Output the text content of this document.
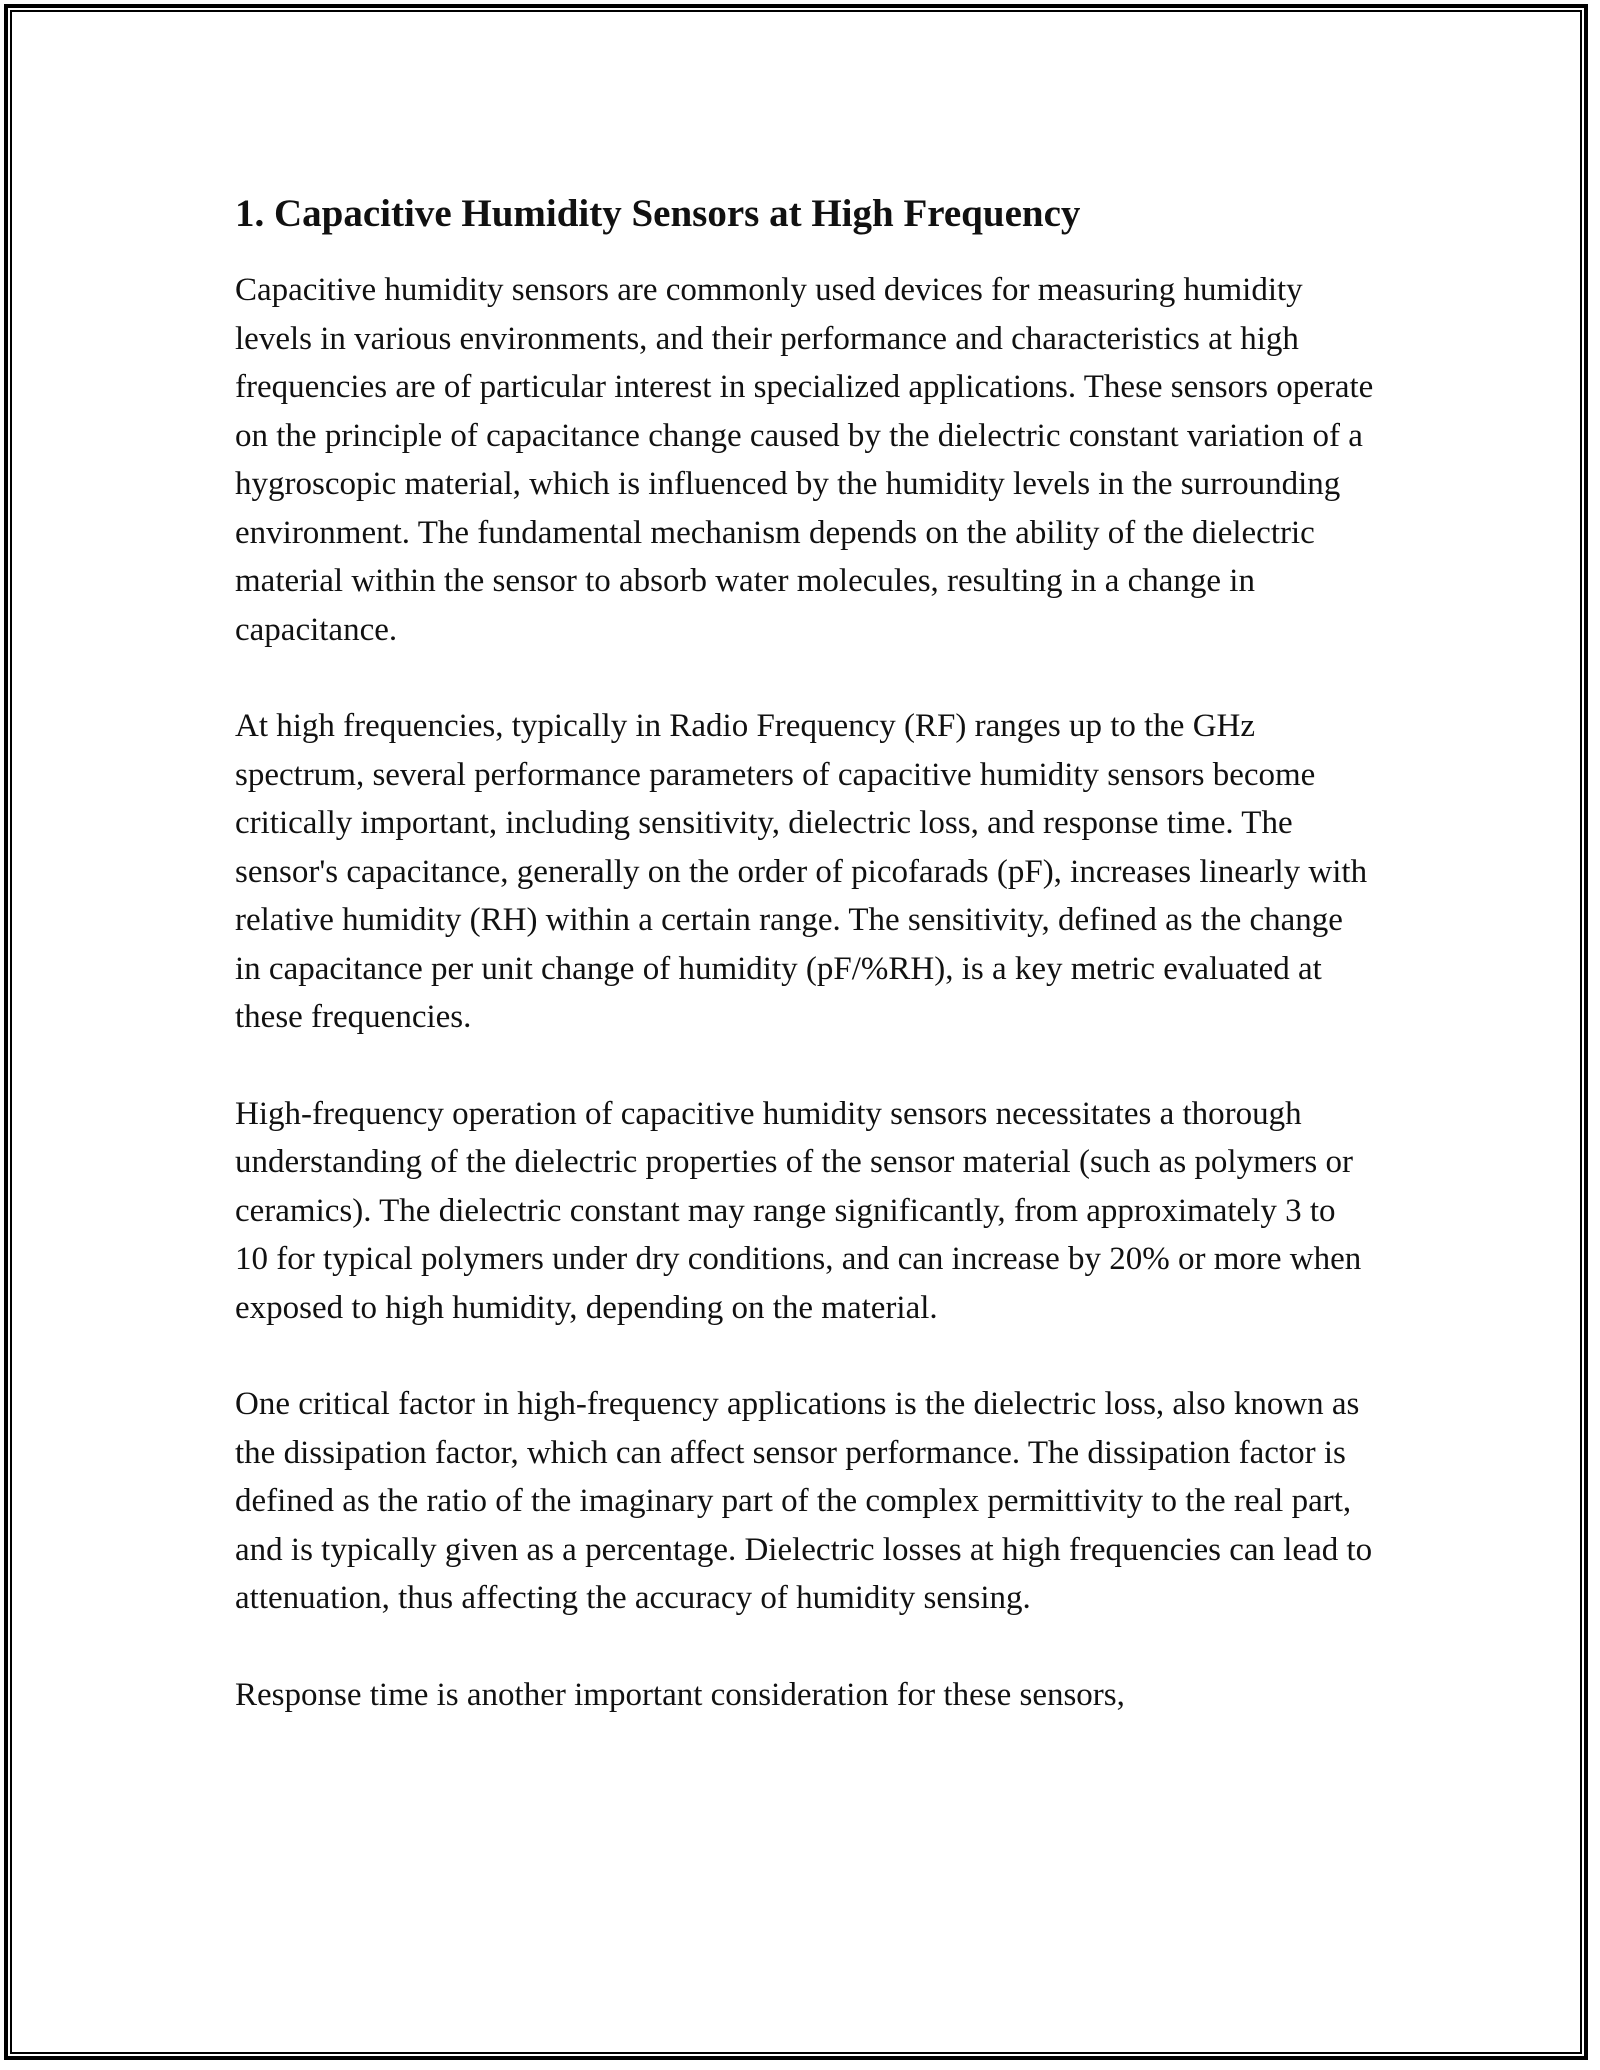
1. Capacitive Humidity Sensors at High Frequency

Capacitive humidity sensors are commonly used devices for measuring humidity levels in various environments, and their performance and characteristics at high frequencies are of particular interest in specialized applications. These sensors operate on the principle of capacitance change caused by the dielectric constant variation of a hygroscopic material, which is influenced by the humidity levels in the surrounding environment. The fundamental mechanism depends on the ability of the dielectric material within the sensor to absorb water molecules, resulting in a change in capacitance.

At high frequencies, typically in Radio Frequency (RF) ranges up to the GHz spectrum, several performance parameters of capacitive humidity sensors become critically important, including sensitivity, dielectric loss, and response time. The sensor's capacitance, generally on the order of picofarads (pF), increases linearly with relative humidity (RH) within a certain range. The sensitivity, defined as the change in capacitance per unit change of humidity (pF/%RH), is a key metric evaluated at these frequencies.

High-frequency operation of capacitive humidity sensors necessitates a thorough understanding of the dielectric properties of the sensor material (such as polymers or ceramics). The dielectric constant may range significantly, from approximately 3 to 10 for typical polymers under dry conditions, and can increase by 20% or more when exposed to high humidity, depending on the material.

One critical factor in high-frequency applications is the dielectric loss, also known as the dissipation factor, which can affect sensor performance. The dissipation factor is defined as the ratio of the imaginary part of the complex permittivity to the real part, and is typically given as a percentage. Dielectric losses at high frequencies can lead to attenuation, thus affecting the accuracy of humidity sensing.

Response time is another important consideration for these sensors,
